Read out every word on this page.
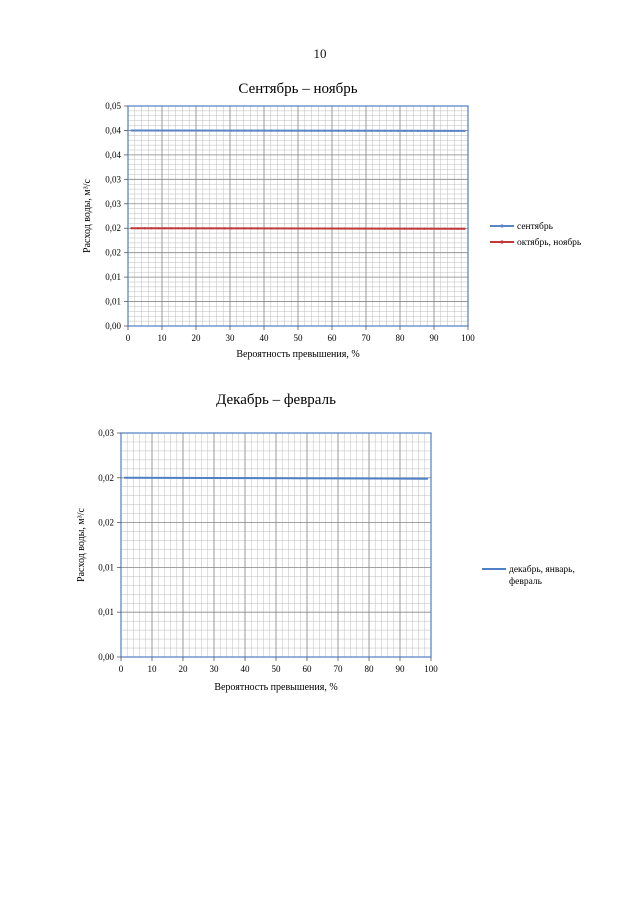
10
Сентябрь – ноябрь
0	10	20	30	40	50	60	70	80	90	100
0,00
0,01
0,01
0,02
0,02
0,03
0,03
0,04
0,04
0,05
Вероятность превышения, %
Расход воды, м³/с	сентябрь
октябрь, ноябрь
Декабрь – февраль
0	10 20 30 40 50 60 70 80 90 100
0,00
0,01
0,01
0,02
0,02
0,03
Вероятность превышения, %
Расход воды, м³/с	декабрь, январь,
февраль
